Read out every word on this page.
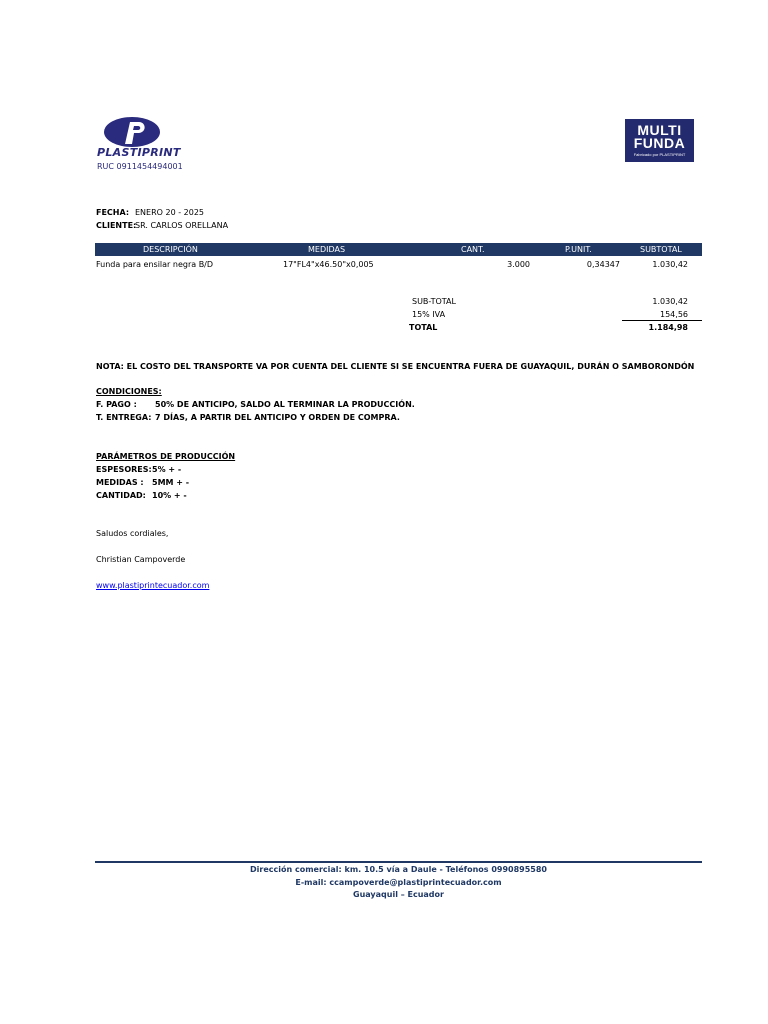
PLASTIPRINT
RUC 0911454494001
MULTI
FUNDA
Fabricado por PLASTIPRINT
FECHA: ENERO 20 - 2025
CLIENTE:
SR. CARLOS ORELLANA
DESCRIPCIÓN	MEDIDAS	CANT.	P.UNIT.	SUBTOTAL
Funda para ensilar negra B/D	17"FL4"x46.50"x0,005	3.000	0,34347	1.030,42
SUB-TOTAL	1.030,42
15% IVA	154,56
TOTAL	1.184,98
NOTA: EL COSTO DEL TRANSPORTE VA POR CUENTA DEL CLIENTE SI SE ENCUENTRA FUERA DE GUAYAQUIL, DURÁN O SAMBORONDÓN
CONDICIONES:
F. PAGO : 50% DE ANTICIPO, SALDO AL TERMINAR LA PRODUCCIÓN.
T. ENTREGA: 7 DÍAS, A PARTIR DEL ANTICIPO Y ORDEN DE COMPRA.
PARÁMETROS DE PRODUCCIÓN
ESPESORES: 5% + -
MEDIDAS : 5MM + -
CANTIDAD: 10% + -
Saludos cordiales,
Christian Campoverde
www.plastiprintecuador.com
Dirección comercial: km. 10.5 vía a Daule - Teléfonos 0990895580
E-mail: ccampoverde@plastiprintecuador.com
Guayaquil – Ecuador
